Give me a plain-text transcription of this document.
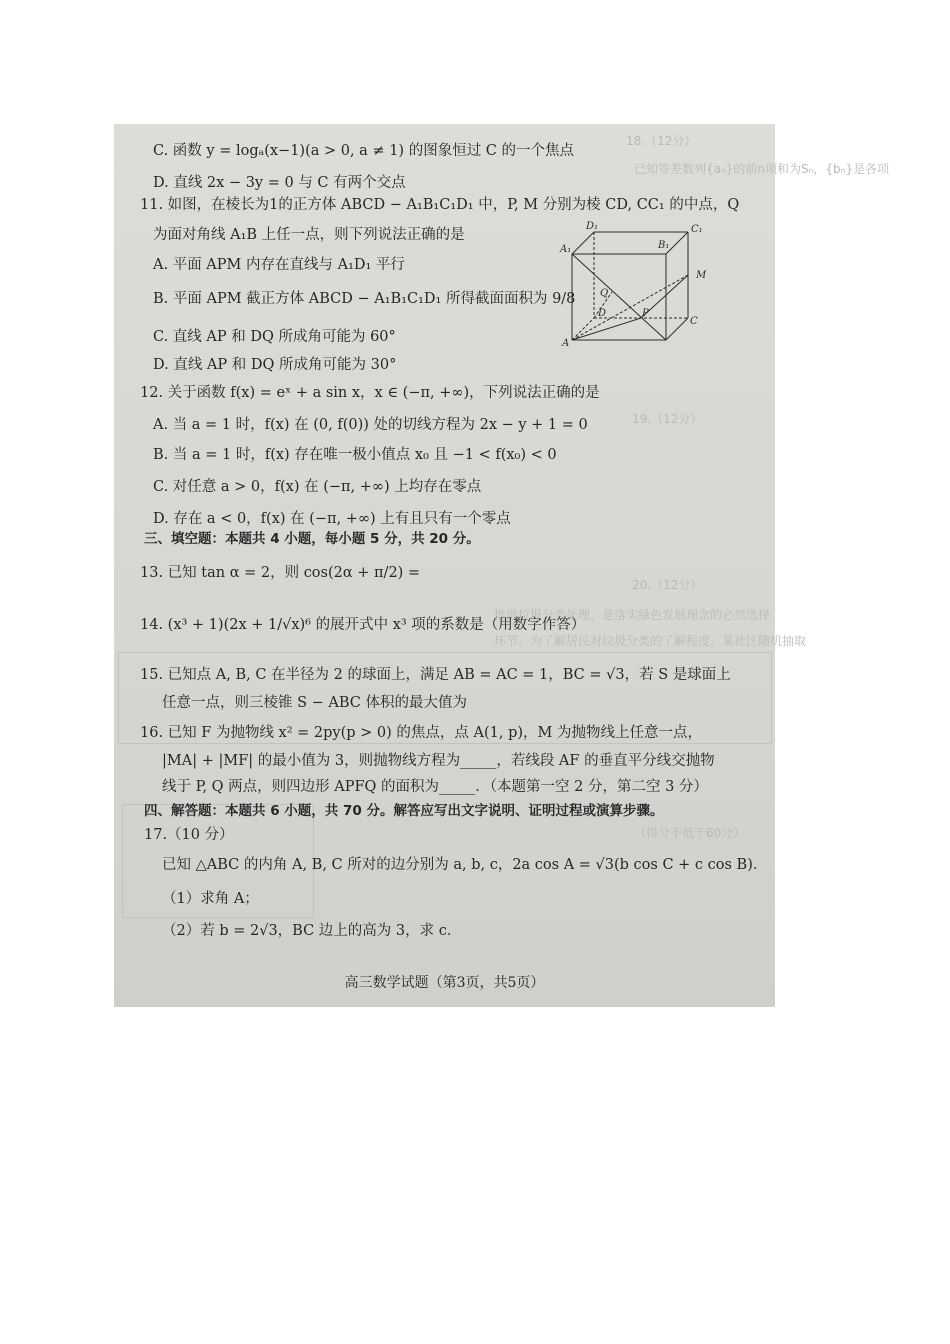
18.（12分）
已知等差数列{aₙ}的前n项和为Sₙ，{bₙ}是各项
19.（12分）
20.（12分）
推进垃圾分类处理，是落实绿色发展理念的必然选择
环节。为了解居民对垃圾分类的了解程度，某社区随机抽取
（得分不低于60分）
C. 函数 y = logₐ(x−1)(a > 0, a ≠ 1) 的图象恒过 C 的一个焦点
D. 直线 2x − 3y = 0 与 C 有两个交点
11. 如图，在棱长为1的正方体 ABCD − A₁B₁C₁D₁ 中，P, M 分别为棱 CD, CC₁ 的中点，Q
为面对角线 A₁B 上任一点，则下列说法正确的是
A. 平面 APM 内存在直线与 A₁D₁ 平行
B. 平面 APM 截正方体 ABCD − A₁B₁C₁D₁ 所得截面面积为 9/8
C. 直线 AP 和 DQ 所成角可能为 60°
D. 直线 AP 和 DQ 所成角可能为 30°
12. 关于函数 f(x) = eˣ + a sin x，x ∈ (−π, +∞)，下列说法正确的是
A. 当 a = 1 时，f(x) 在 (0, f(0)) 处的切线方程为 2x − y + 1 = 0
B. 当 a = 1 时，f(x) 存在唯一极小值点 x₀ 且 −1 < f(x₀) < 0
C. 对任意 a > 0，f(x) 在 (−π, +∞) 上均存在零点
D. 存在 a < 0，f(x) 在 (−π, +∞) 上有且只有一个零点
三、填空题：本题共 4 小题，每小题 5 分，共 20 分。
13. 已知 tan α = 2，则 cos(2α + π/2) =
14. (x³ + 1)(2x + 1/√x)⁶ 的展开式中 x³ 项的系数是（用数字作答）
15. 已知点 A, B, C 在半径为 2 的球面上，满足 AB = AC = 1，BC = √3，若 S 是球面上
任意一点，则三棱锥 S − ABC 体积的最大值为
16. 已知 F 为抛物线 x² = 2py(p > 0) 的焦点，点 A(1, p)，M 为抛物线上任意一点，
|MA| + |MF| 的最小值为 3，则抛物线方程为_____，若线段 AF 的垂直平分线交抛物
线于 P, Q 两点，则四边形 APFQ 的面积为_____．（本题第一空 2 分，第二空 3 分）
四、解答题：本题共 6 小题，共 70 分。解答应写出文字说明、证明过程或演算步骤。
17.（10 分）
已知 △ABC 的内角 A, B, C 所对的边分别为 a, b, c，2a cos A = √3(b cos C + c cos B)．
（1）求角 A；
（2）若 b = 2√3，BC 边上的高为 3，求 c．
高三数学试题（第3页，共5页）
D₁
B₁
C₁
A₁
M
Q
D	P
C
A
